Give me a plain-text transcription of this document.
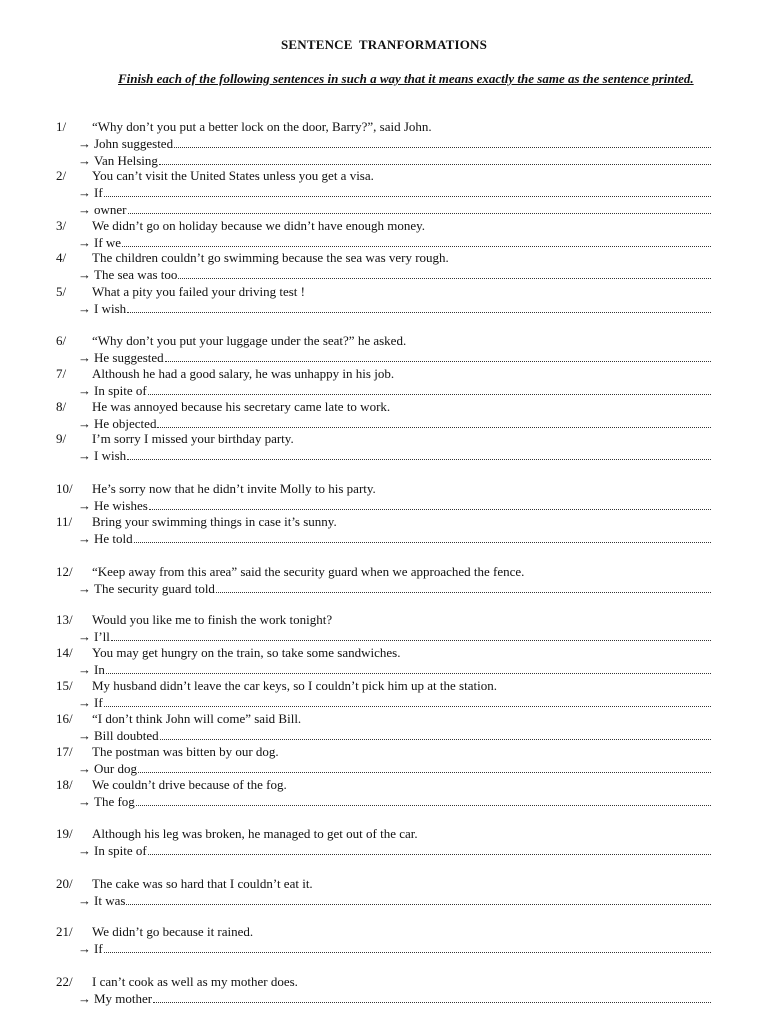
SENTENCE TRANFORMATIONS
Finish each of the following sentences in such a way that it means exactly the same as the sentence printed.
1/ “Why don’t you put a better lock on the door, Barry?”, said John.
→ John suggested
→ Van Helsing
2/ You can’t visit the United States unless you get a visa.
→ If
→ owner
3/ We didn’t go on holiday because we didn’t have enough money.
→ If we
4/ The children couldn’t go swimming because the sea was very rough.
→ The sea was too
5/ What a pity you failed your driving test !
→ I wish
6/ “Why don’t you put your luggage under the seat?” he asked.
→ He suggested
7/ Althoush he had a good salary, he was unhappy in his job.
→ In spite of
8/ He was annoyed because his secretary came late to work.
→ He objected
9/ I’m sorry I missed your birthday party.
→ I wish
10/ He’s sorry now that he didn’t invite Molly to his party.
→ He wishes
11/ Bring your swimming things in case it’s sunny.
→ He told
12/ “Keep away from this area” said the security guard when we approached the fence.
→ The security guard told
13/ Would you like me to finish the work tonight?
→ I’ll
14/ You may get hungry on the train, so take some sandwiches.
→ In
15/ My husband didn’t leave the car keys, so I couldn’t pick him up at the station.
→ If
16/ “I don’t think John will come” said Bill.
→ Bill doubted
17/ The postman was bitten by our dog.
→ Our dog
18/ We couldn’t drive because of the fog.
→ The fog
19/ Although his leg was broken, he managed to get out of the car.
→ In spite of
20/ The cake was so hard that I couldn’t eat it.
→ It was
21/ We didn’t go because it rained.
→ If
22/ I can’t cook as well as my mother does.
→ My mother
